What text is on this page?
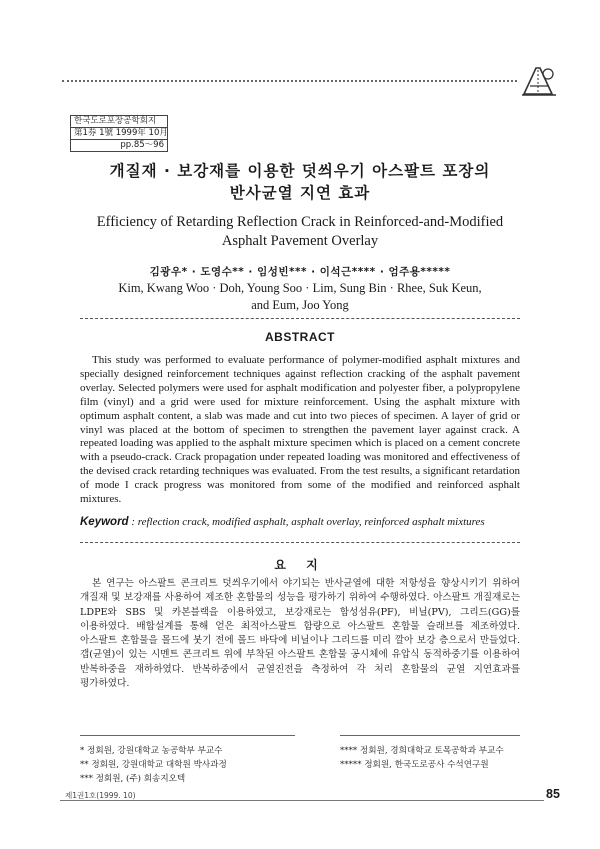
한국도로포장공학회지
第1券 1號 1999年 10月
pp.85～96
개질재 · 보강재를 이용한 덧씌우기 아스팔트 포장의
반사균열 지연 효과
Efficiency of Retarding Reflection Crack in Reinforced-and-Modified
Asphalt Pavement Overlay
김광우* · 도영수** · 임성빈*** · 이석근**** · 엄주용*****
Kim, Kwang Woo · Doh, Young Soo · Lim, Sung Bin · Rhee, Suk Keun,
and Eum, Joo Yong
ABSTRACT
This study was performed to evaluate performance of polymer-modified asphalt mixtures and specially designed reinforcement techniques against reflection cracking of the asphalt pavement overlay. Selected polymers were used for asphalt modification and polyester fiber, a polypropylene film (vinyl) and a grid were used for mixture reinforcement. Using the asphalt mixture with optimum asphalt content, a slab was made and cut into two pieces of specimen. A layer of grid or vinyl was placed at the bottom of specimen to strengthen the pavement layer against crack. A repeated loading was applied to the asphalt mixture specimen which is placed on a cement concrete with a pseudo-crack. Crack propagation under repeated loading was monitored and effectiveness of the devised crack retarding techniques was evaluated. From the test results, a significant retardation of mode I crack progress was monitored from some of the modified and reinforced asphalt mixtures.
Keyword : reflection crack, modified asphalt, asphalt overlay, reinforced asphalt mixtures
요 지
본 연구는 아스팔트 콘크리트 덧씌우기에서 야기되는 반사균열에 대한 저항성을 향상시키기 위하여 개질재 및 보강재를 사용하여 제조한 혼합물의 성능을 평가하기 위하여 수행하였다. 아스팔트 개질재로는 LDPE와 SBS 및 카본블랙을 이용하였고, 보강재로는 합성섬유(PF), 비닐(PV), 그리드(GG)를 이용하였다. 배합설계를 통해 얻은 최적아스팔트 함량으로 아스팔트 혼합물 슬래브를 제조하였다. 아스팔트 혼합물을 몰드에 붓기 전에 몰드 바닥에 비닐이나 그리드를 미리 깔아 보강 층으로서 만들었다. 갭(균열)이 있는 시멘트 콘크리트 위에 부착된 아스팔트 혼합물 공시체에 유압식 동적하중기를 이용하여 반복하중을 재하하였다. 반복하중에서 균열진전을 측정하여 각 처리 혼합물의 균열 지연효과를 평가하였다.
* 정회원, 강원대학교 농공학부 부교수
** 정회원, 강원대학교 대학원 박사과정
*** 정회원, (주) 회송지오텍
**** 정회원, 경희대학교 토목공학과 부교수
***** 정회원, 한국도로공사 수석연구원
제1권1호(1999. 10)	85
